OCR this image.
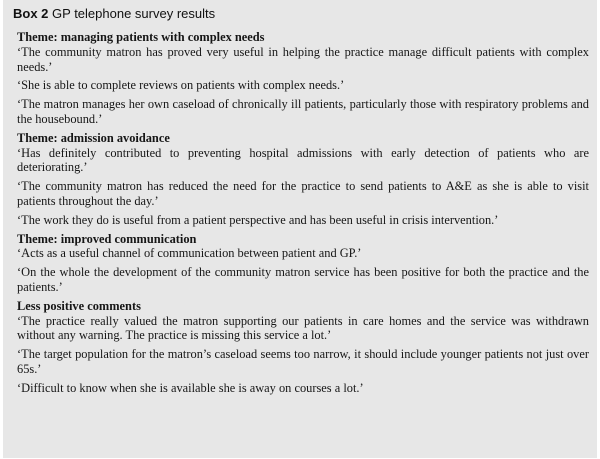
Box 2 GP telephone survey results

Theme: managing patients with complex needs

‘The community matron has proved very useful in helping the practice manage difficult patients with complex needs.’

‘She is able to complete reviews on patients with complex needs.’

‘The matron manages her own caseload of chronically ill patients, particularly those with respiratory problems and the housebound.’

Theme: admission avoidance

‘Has definitely contributed to preventing hospital admissions with early detection of patients who are deteriorating.’

‘The community matron has reduced the need for the practice to send patients to A&E as she is able to visit patients throughout the day.’

‘The work they do is useful from a patient perspective and has been useful in crisis intervention.’

Theme: improved communication

‘Acts as a useful channel of communication between patient and GP.’

‘On the whole the development of the community matron service has been positive for both the practice and the patients.’

Less positive comments

‘The practice really valued the matron supporting our patients in care homes and the service was withdrawn without any warning. The practice is missing this service a lot.’

‘The target population for the matron’s caseload seems too narrow, it should include younger patients not just over 65s.’

‘Difficult to know when she is available she is away on courses a lot.’
